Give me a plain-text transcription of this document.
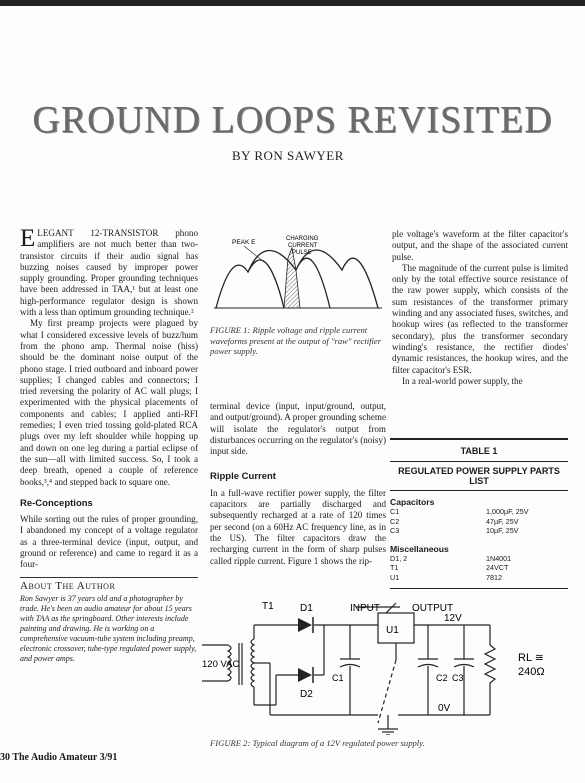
GROUND LOOPS REVISITED
BY RON SAWYER

ELEGANT 12-TRANSISTOR phono amplifiers are not much better than two-transistor circuits if their audio signal has buzzing noises caused by improper power supply grounding. Proper grounding techniques have been addressed in TAA,¹ but at least one high-performance regulator design is shown with a less than optimum grounding technique.²

My first preamp projects were plagued by what I considered excessive levels of buzz/hum from the phono amp. Thermal noise (hiss) should be the dominant noise output of the phono stage. I tried outboard and inboard power supplies; I changed cables and connectors; I tried reversing the polarity of AC wall plugs; I experimented with the physical placements of components and cables; I applied anti-RFI remedies; I even tried tossing gold-plated RCA plugs over my left shoulder while hopping up and down on one leg during a partial eclipse of the sun—all with limited success. So, I took a deep breath, opened a couple of reference books,³,⁴ and stepped back to square one.

Re-Conceptions

While sorting out the rules of proper grounding, I abandoned my concept of a voltage regulator as a three-terminal device (input, output, and ground or reference) and came to regard it as a four-

About The Author
Ron Sawyer is 37 years old and a photographer by trade. He's been an audio amateur for about 15 years with TAA as the springboard. Other interests include painting and drawing. He is working on a comprehensive vacuum-tube system including preamp, electronic crossover, tube-type regulated power supply, and power amps.
PEAK E	CHARGING
CURRENT
PULSE
FIGURE 1: Ripple voltage and ripple current waveforms present at the output of "raw" rectifier power supply.

terminal device (input, input/ground, output, and output/ground). A proper grounding scheme will isolate the regulator's output from disturbances occurring on the regulator's (noisy) input side.

Ripple Current

In a full-wave rectifier power supply, the filter capacitors are partially discharged and subsequently recharged at a rate of 120 times per second (on a 60Hz AC frequency line, as in the US). The filter capacitors draw the recharging current in the form of sharp pulses called ripple current. Figure 1 shows the rip-

ple voltage's waveform at the filter capacitor's output, and the shape of the associated current pulse.

The magnitude of the current pulse is limited only by the total effective source resistance of the raw power supply, which consists of the sum resistances of the transformer primary winding and any associated fuses, switches, and hookup wires (as reflected to the transformer secondary), plus the transformer secondary winding's resistance, the rectifier diodes' dynamic resistances, the hookup wires, and the filter capacitor's ESR.

In a real-world power supply, the

TABLE 1
REGULATED POWER SUPPLY PARTS LIST
Capacitors
C1	1,000µF, 25V
C2	47µF, 25V
C3	10µF, 25V
Miscellaneous
D1, 2	1N4001
T1	24VCT
U1	7812
INPUT	OUTPUT
T1	D1
D2
U1
120 VAC
C1	C2 C3
12V
0V
RL ≅
240Ω
FIGURE 2: Typical diagram of a 12V regulated power supply.
30 The Audio Amateur 3/91
